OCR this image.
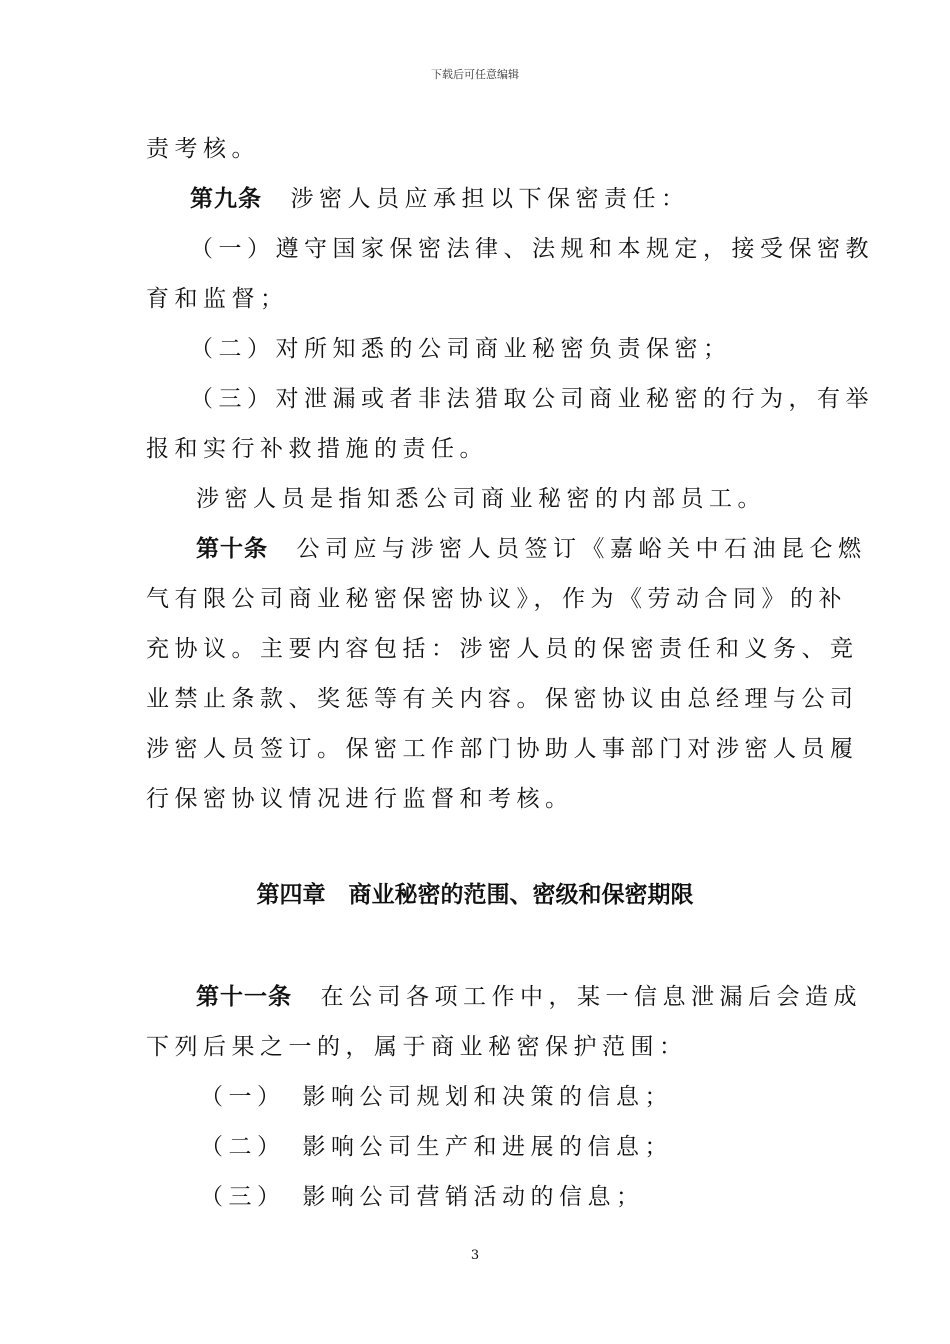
下载后可任意编辑
责考核。
第九条　涉密人员应承担以下保密责任：
（一）遵守国家保密法律、法规和本规定，接受保密教
育和监督；
（二）对所知悉的公司商业秘密负责保密；
（三）对泄漏或者非法猎取公司商业秘密的行为，有举
报和实行补救措施的责任。
涉密人员是指知悉公司商业秘密的内部员工。
第十条　公司应与涉密人员签订《嘉峪关中石油昆仑燃
气有限公司商业秘密保密协议》，作为《劳动合同》的补
充协议。主要内容包括：涉密人员的保密责任和义务、竞
业禁止条款、奖惩等有关内容。保密协议由总经理与公司
涉密人员签订。保密工作部门协助人事部门对涉密人员履
行保密协议情况进行监督和考核。
第四章　商业秘密的范围、密级和保密期限
第十一条　在公司各项工作中，某一信息泄漏后会造成
下列后果之一的，属于商业秘密保护范围：
（一）　影响公司规划和决策的信息；
（二）　影响公司生产和进展的信息；
（三）　影响公司营销活动的信息；
3
